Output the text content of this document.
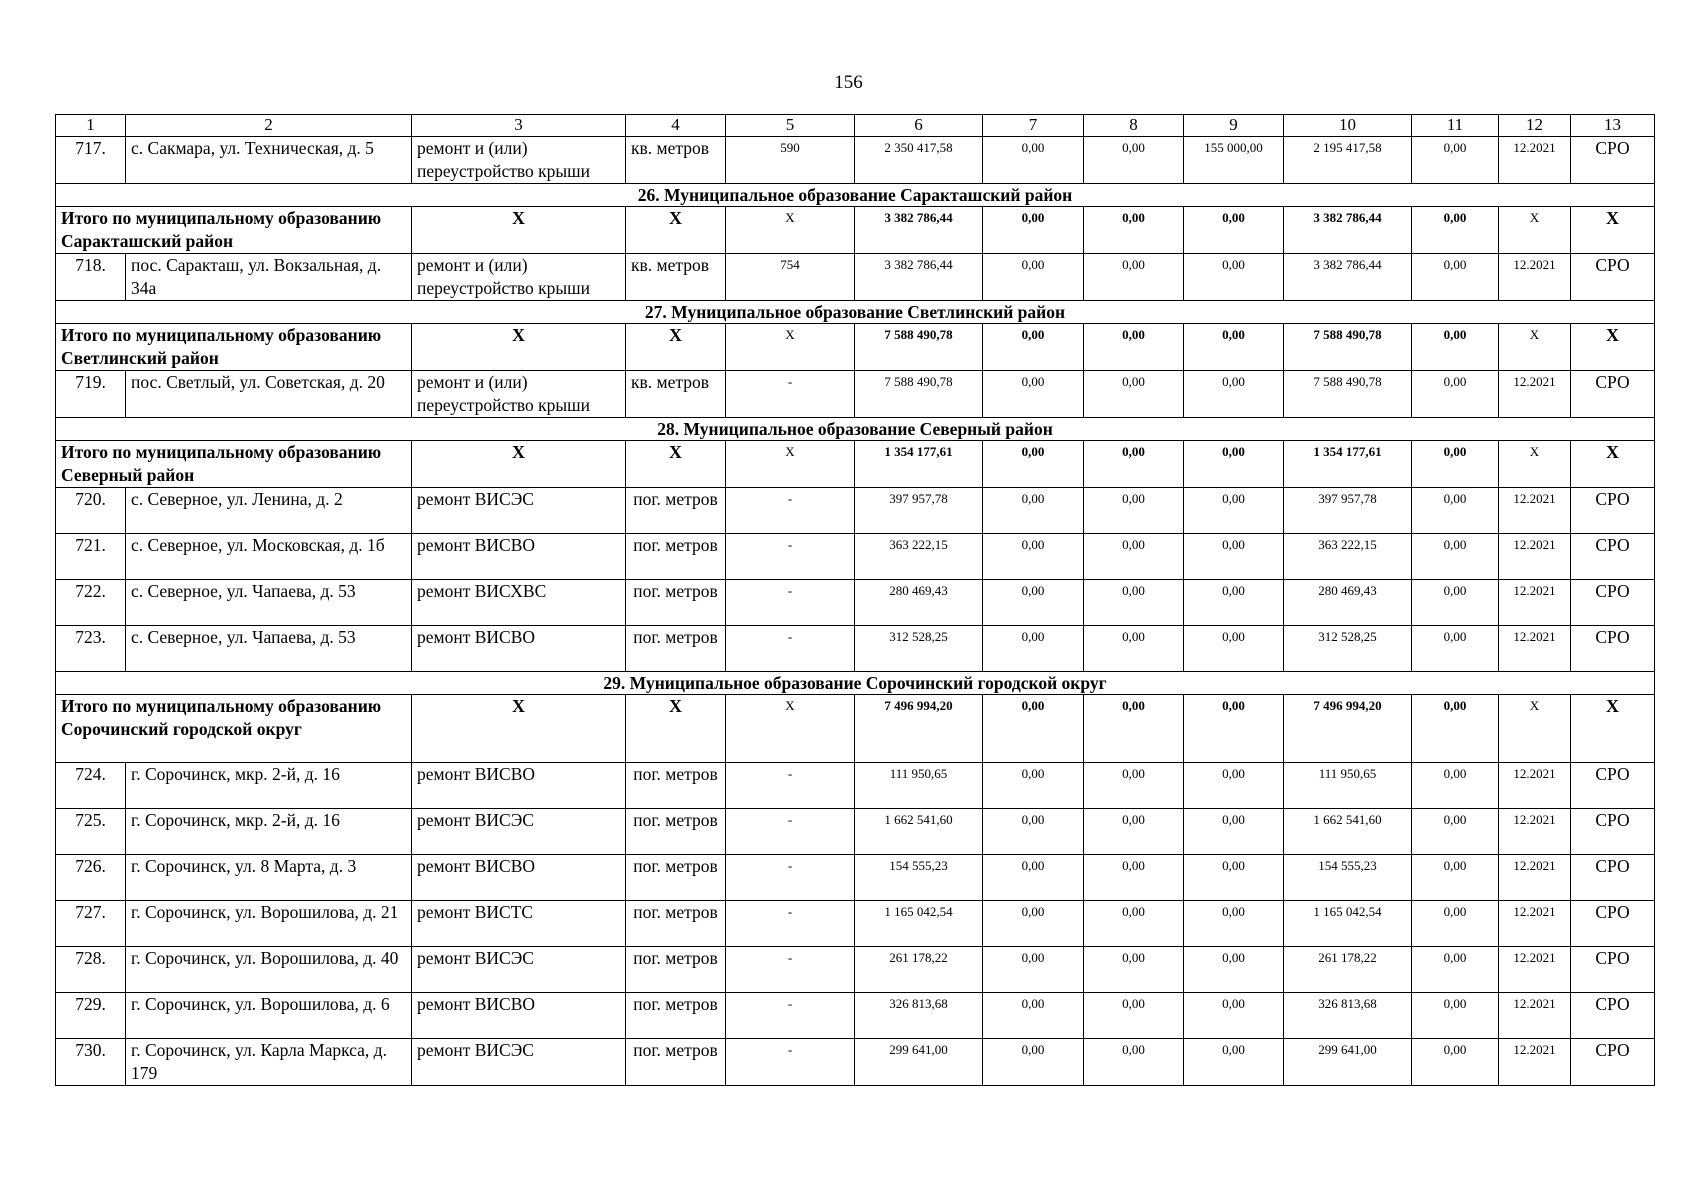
156
1	2	3	4	5	6	7	8	9	10	11	12	13
717.	с. Сакмара, ул. Техническая, д. 5	ремонт и (или) переустройство крыши	кв. метров	590	2 350 417,58	0,00	0,00	155 000,00	2 195 417,58	0,00	12.2021	СРО
26. Муниципальное образование Саракташский район												
Итого по муниципальному образованию Саракташский район		Х	Х	Х	3 382 786,44	0,00	0,00	0,00	3 382 786,44	0,00	Х	Х
718.	пос. Саракташ, ул. Вокзальная, д. 34а	ремонт и (или) переустройство крыши	кв. метров	754	3 382 786,44	0,00	0,00	0,00	3 382 786,44	0,00	12.2021	СРО
27. Муниципальное образование Светлинский район												
Итого по муниципальному образованию Светлинский район		Х	Х	Х	7 588 490,78	0,00	0,00	0,00	7 588 490,78	0,00	Х	Х
719.	пос. Светлый, ул. Советская, д. 20	ремонт и (или) переустройство крыши	кв. метров	-	7 588 490,78	0,00	0,00	0,00	7 588 490,78	0,00	12.2021	СРО
28. Муниципальное образование Северный район												
Итого по муниципальному образованию Северный район		Х	Х	Х	1 354 177,61	0,00	0,00	0,00	1 354 177,61	0,00	Х	Х
720.	с. Северное, ул. Ленина, д. 2	ремонт ВИСЭС	пог. метров	-	397 957,78	0,00	0,00	0,00	397 957,78	0,00	12.2021	СРО
721.	с. Северное, ул. Московская, д. 1б	ремонт ВИСВО	пог. метров	-	363 222,15	0,00	0,00	0,00	363 222,15	0,00	12.2021	СРО
722.	с. Северное, ул. Чапаева, д. 53	ремонт ВИСХВС	пог. метров	-	280 469,43	0,00	0,00	0,00	280 469,43	0,00	12.2021	СРО
723.	с. Северное, ул. Чапаева, д. 53	ремонт ВИСВО	пог. метров	-	312 528,25	0,00	0,00	0,00	312 528,25	0,00	12.2021	СРО
29. Муниципальное образование Сорочинский городской округ												
Итого по муниципальному образованию Сорочинский городской округ		Х	Х	Х	7 496 994,20	0,00	0,00	0,00	7 496 994,20	0,00	Х	Х
724.	г. Сорочинск, мкр. 2-й, д. 16	ремонт ВИСВО	пог. метров	-	111 950,65	0,00	0,00	0,00	111 950,65	0,00	12.2021	СРО
725.	г. Сорочинск, мкр. 2-й, д. 16	ремонт ВИСЭС	пог. метров	-	1 662 541,60	0,00	0,00	0,00	1 662 541,60	0,00	12.2021	СРО
726.	г. Сорочинск, ул. 8 Марта, д. 3	ремонт ВИСВО	пог. метров	-	154 555,23	0,00	0,00	0,00	154 555,23	0,00	12.2021	СРО
727.	г. Сорочинск, ул. Ворошилова, д. 21	ремонт ВИСТС	пог. метров	-	1 165 042,54	0,00	0,00	0,00	1 165 042,54	0,00	12.2021	СРО
728.	г. Сорочинск, ул. Ворошилова, д. 40	ремонт ВИСЭС	пог. метров	-	261 178,22	0,00	0,00	0,00	261 178,22	0,00	12.2021	СРО
729.	г. Сорочинск, ул. Ворошилова, д. 6	ремонт ВИСВО	пог. метров	-	326 813,68	0,00	0,00	0,00	326 813,68	0,00	12.2021	СРО
730.	г. Сорочинск, ул. Карла Маркса, д. 179	ремонт ВИСЭС	пог. метров	-	299 641,00	0,00	0,00	0,00	299 641,00	0,00	12.2021	СРО
